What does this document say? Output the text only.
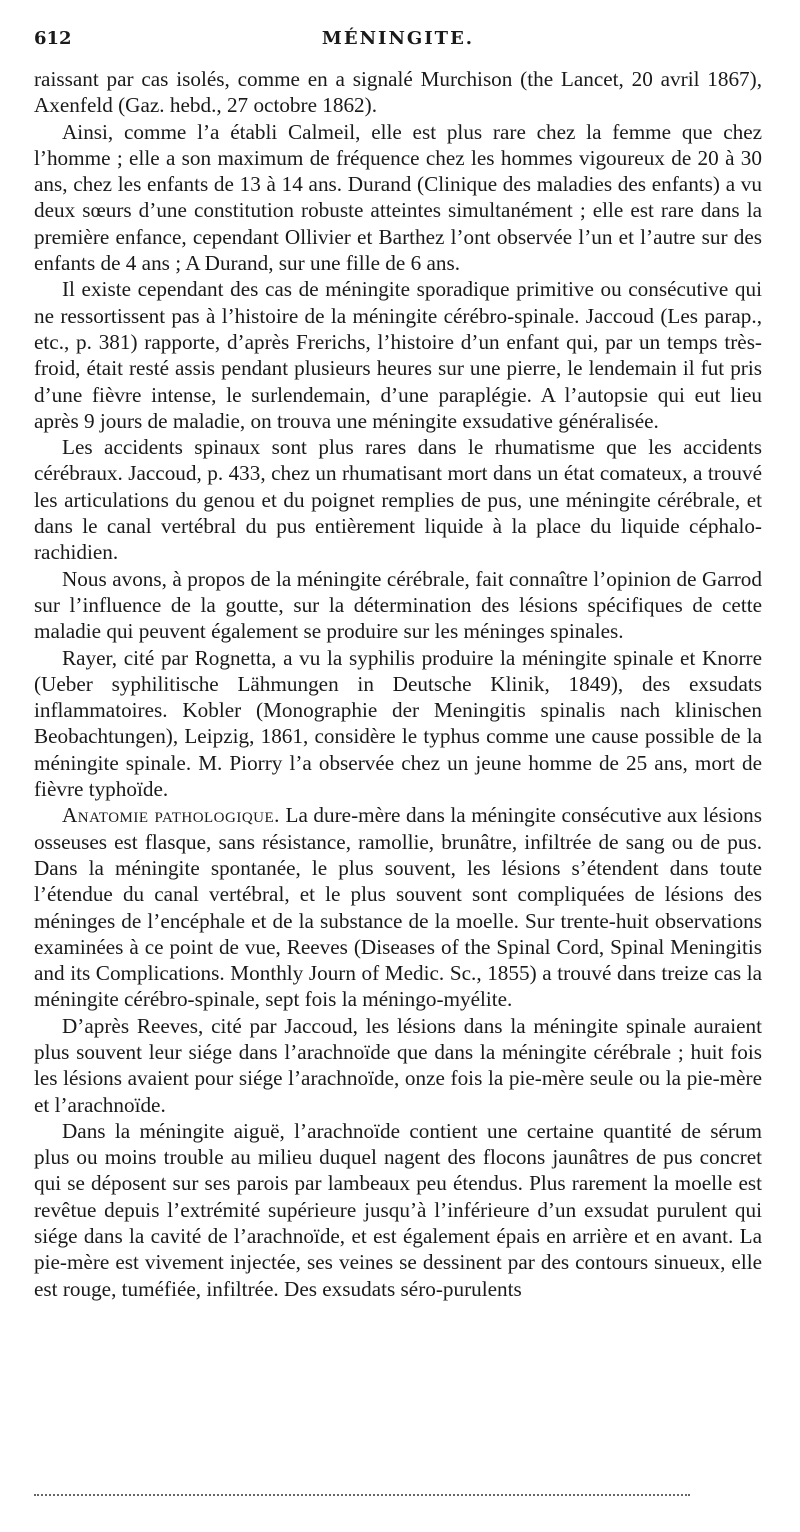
612	MÉNINGITE.

raissant par cas isolés, comme en a signalé Murchison (the Lancet, 20 avril 1867), Axenfeld (Gaz. hebd., 27 octobre 1862).

Ainsi, comme l’a établi Calmeil, elle est plus rare chez la femme que chez l’homme ; elle a son maximum de fréquence chez les hommes vigoureux de 20 à 30 ans, chez les enfants de 13 à 14 ans. Durand (Clinique des maladies des enfants) a vu deux sœurs d’une constitution robuste atteintes simultanément ; elle est rare dans la première enfance, cependant Ollivier et Barthez l’ont observée l’un et l’autre sur des enfants de 4 ans ; A Durand, sur une fille de 6 ans.

Il existe cependant des cas de méningite sporadique primitive ou consécutive qui ne ressortissent pas à l’histoire de la méningite cérébro-spinale. Jaccoud (Les parap., etc., p. 381) rapporte, d’après Frerichs, l’histoire d’un enfant qui, par un temps très-froid, était resté assis pendant plusieurs heures sur une pierre, le lendemain il fut pris d’une fièvre intense, le surlendemain, d’une paraplégie. A l’autopsie qui eut lieu après 9 jours de maladie, on trouva une méningite exsudative généralisée.

Les accidents spinaux sont plus rares dans le rhumatisme que les accidents cérébraux. Jaccoud, p. 433, chez un rhumatisant mort dans un état comateux, a trouvé les articulations du genou et du poignet remplies de pus, une méningite cérébrale, et dans le canal vertébral du pus entièrement liquide à la place du liquide céphalo-rachidien.

Nous avons, à propos de la méningite cérébrale, fait connaître l’opinion de Garrod sur l’influence de la goutte, sur la détermination des lésions spécifiques de cette maladie qui peuvent également se produire sur les méninges spinales.

Rayer, cité par Rognetta, a vu la syphilis produire la méningite spinale et Knorre (Ueber syphilitische Lähmungen in Deutsche Klinik, 1849), des exsudats inflammatoires. Kobler (Monographie der Meningitis spinalis nach klinischen Beobachtungen), Leipzig, 1861, considère le typhus comme une cause possible de la méningite spinale. M. Piorry l’a observée chez un jeune homme de 25 ans, mort de fièvre typhoïde.

Anatomie pathologique. La dure-mère dans la méningite consécutive aux lésions osseuses est flasque, sans résistance, ramollie, brunâtre, infiltrée de sang ou de pus. Dans la méningite spontanée, le plus souvent, les lésions s’étendent dans toute l’étendue du canal vertébral, et le plus souvent sont compliquées de lésions des méninges de l’encéphale et de la substance de la moelle. Sur trente-huit observations examinées à ce point de vue, Reeves (Diseases of the Spinal Cord, Spinal Meningitis and its Complications. Monthly Journ of Medic. Sc., 1855) a trouvé dans treize cas la méningite cérébro-spinale, sept fois la méningo-myélite.

D’après Reeves, cité par Jaccoud, les lésions dans la méningite spinale auraient plus souvent leur siége dans l’arachnoïde que dans la méningite cérébrale ; huit fois les lésions avaient pour siége l’arachnoïde, onze fois la pie-mère seule ou la pie-mère et l’arachnoïde.

Dans la méningite aiguë, l’arachnoïde contient une certaine quantité de sérum plus ou moins trouble au milieu duquel nagent des flocons jaunâtres de pus concret qui se déposent sur ses parois par lambeaux peu étendus. Plus rarement la moelle est revêtue depuis l’extrémité supérieure jusqu’à l’inférieure d’un exsudat purulent qui siége dans la cavité de l’arachnoïde, et est également épais en arrière et en avant. La pie-mère est vivement injectée, ses veines se dessinent par des contours sinueux, elle est rouge, tuméfiée, infiltrée. Des exsudats séro-purulents
